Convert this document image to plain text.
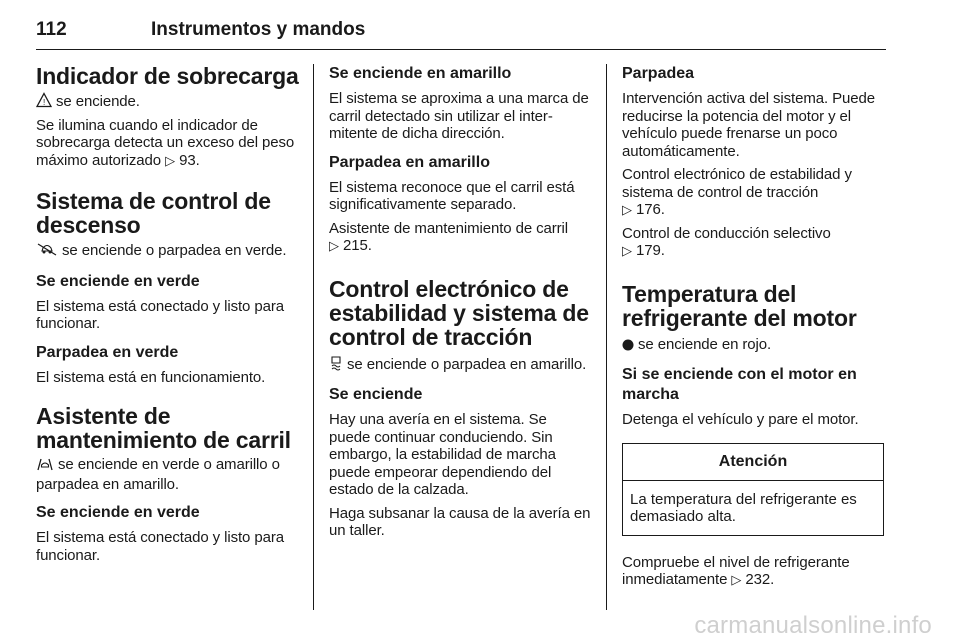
112	Instrumentos y mandos
Indicador de sobrecarga

! se enciende.

Se ilumina cuando el indicador de sobrecarga detecta un exceso del peso máximo autorizado ▷ 93.

Sistema de control de descenso

se enciende o parpadea en verde.

Se enciende en verde

El sistema está conectado y listo para funcionar.

Parpadea en verde

El sistema está en funcionamiento.

Asistente de mantenimiento de carril

se enciende en verde o amarillo o parpadea en amarillo.

Se enciende en verde

El sistema está conectado y listo para funcionar.

Se enciende en amarillo

El sistema se aproxima a una marca de carril detectado sin utilizar el intermitente de dicha dirección.

Parpadea en amarillo

El sistema reconoce que el carril está significativamente separado.

Asistente de mantenimiento de carril
▷ 215.

Control electrónico de estabilidad y sistema de control de tracción

se enciende o parpadea en amarillo.

Se enciende

Hay una avería en el sistema. Se puede continuar conduciendo. Sin embargo, la estabilidad de marcha puede empeorar dependiendo del estado de la calzada.

Haga subsanar la causa de la avería en un taller.

Parpadea

Intervención activa del sistema. Puede reducirse la potencia del motor y el vehículo puede frenarse un poco automáticamente.

Control electrónico de estabilidad y sistema de control de tracción
▷ 176.

Control de conducción selectivo
▷ 179.

Temperatura del refrigerante del motor

se enciende en rojo.

Si se enciende con el motor en marcha

Detenga el vehículo y pare el motor.

Atención
La temperatura del refrigerante es demasiado alta.

Compruebe el nivel de refrigerante inmediatamente ▷ 232.

carmanualsonline.info
